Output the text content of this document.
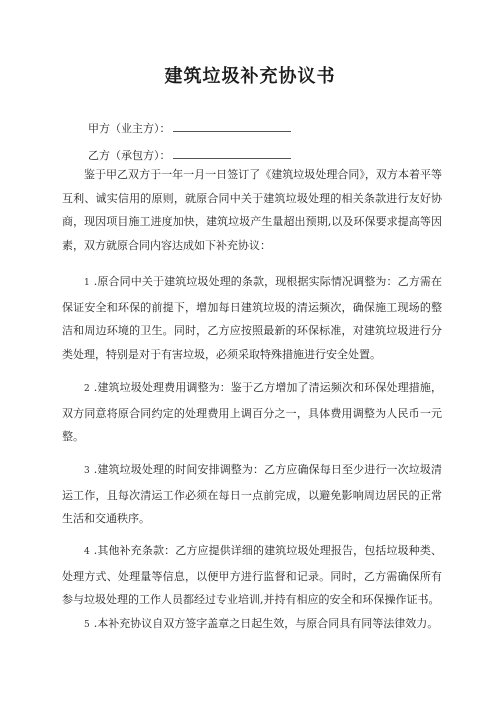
建筑垃圾补充协议书
甲方（业主方）：
乙方（承包方）：

鉴于甲乙双方于一年一月一日签订了《建筑垃圾处理合同》，双方本着平等互利、诚实信用的原则，就原合同中关于建筑垃圾处理的相关条款进行友好协商，现因项目施工进度加快，建筑垃圾产生量超出预期,以及环保要求提高等因素，双方就原合同内容达成如下补充协议：

1 .原合同中关于建筑垃圾处理的条款，现根据实际情况调整为：乙方需在保证安全和环保的前提下，增加每日建筑垃圾的清运频次，确保施工现场的整洁和周边环境的卫生。同时，乙方应按照最新的环保标准，对建筑垃圾进行分类处理，特别是对于有害垃圾，必须采取特殊措施进行安全处置。

2 .建筑垃圾处理费用调整为：鉴于乙方增加了清运频次和环保处理措施，双方同意将原合同约定的处理费用上调百分之一，具体费用调整为人民币一元整。

3 .建筑垃圾处理的时间安排调整为：乙方应确保每日至少进行一次垃圾清运工作，且每次清运工作必须在每日一点前完成，以避免影响周边居民的正常生活和交通秩序。

4 .其他补充条款：乙方应提供详细的建筑垃圾处理报告，包括垃圾种类、处理方式、处理量等信息，以便甲方进行监督和记录。同时，乙方需确保所有参与垃圾处理的工作人员都经过专业培训,并持有相应的安全和环保操作证书。

5 .本补充协议自双方签字盖章之日起生效，与原合同具有同等法律效力。
